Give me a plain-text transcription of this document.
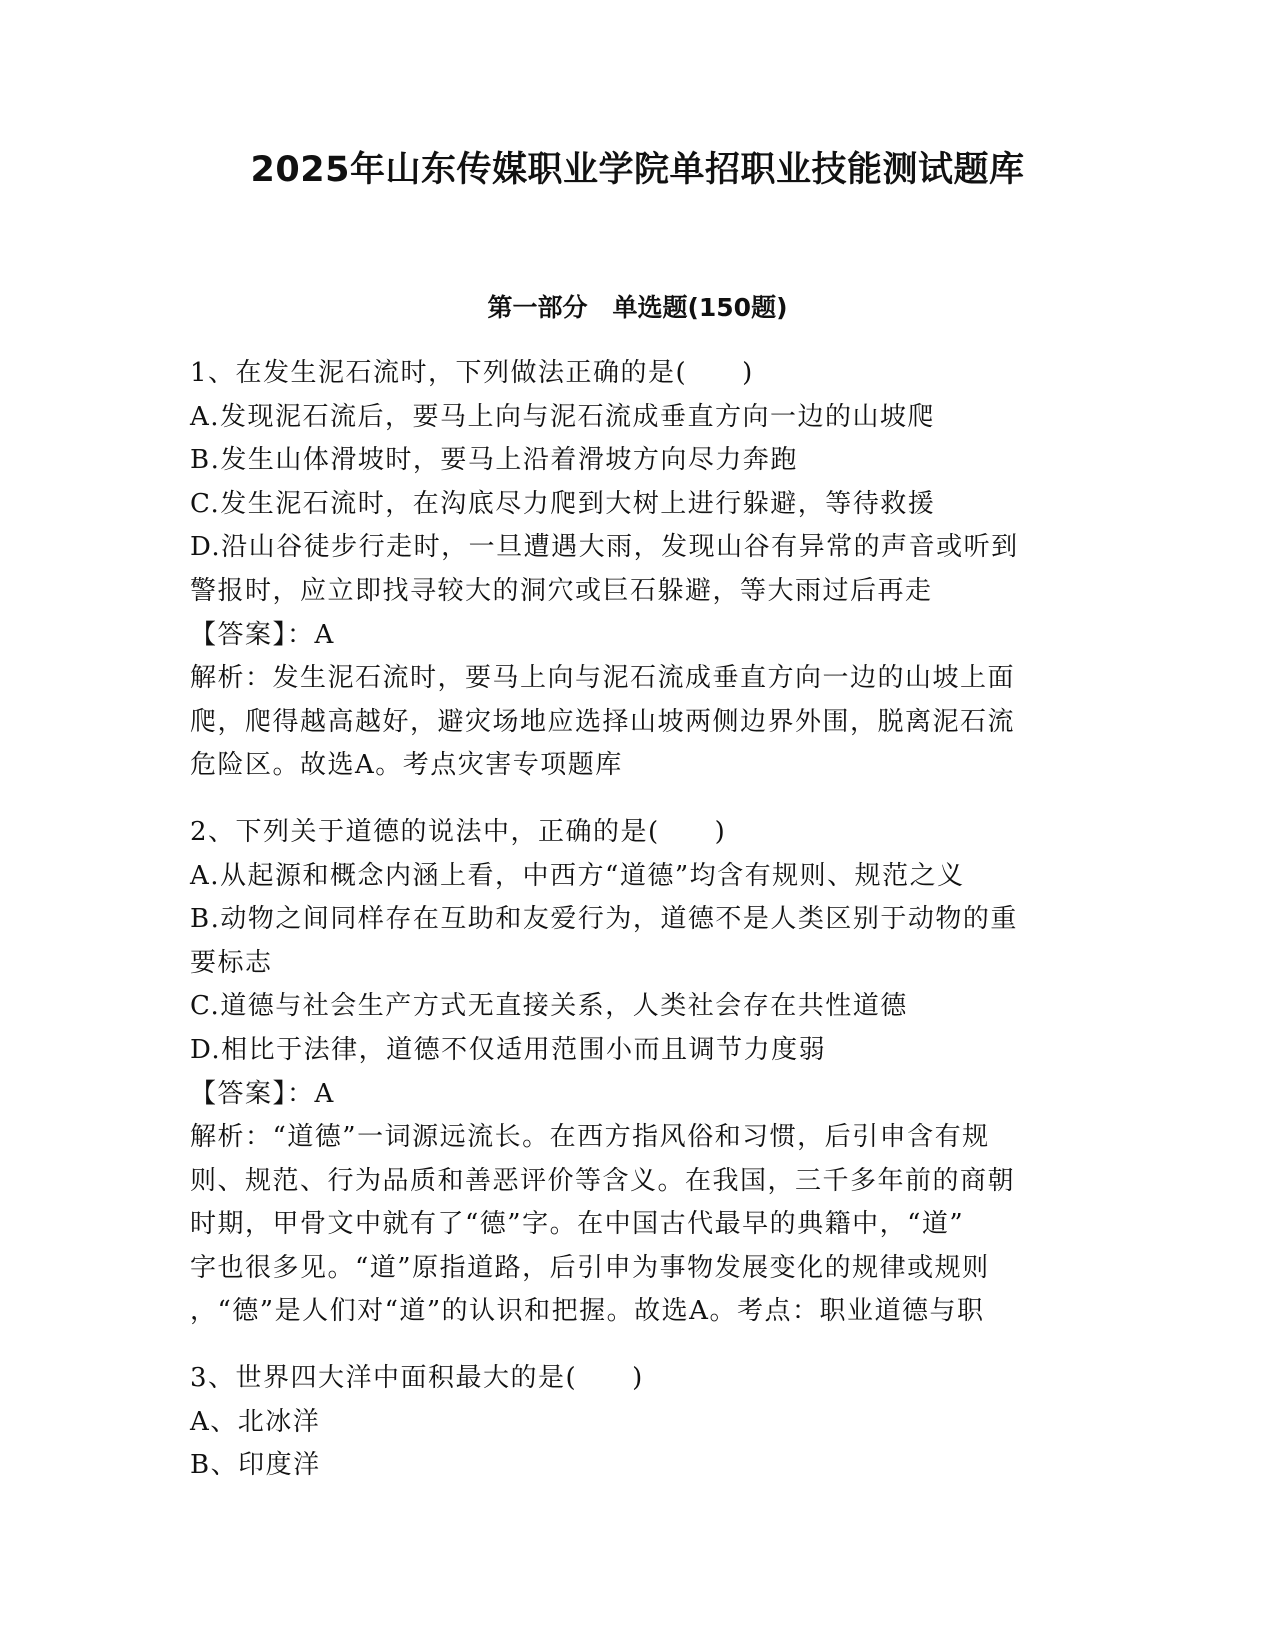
2025年山东传媒职业学院单招职业技能测试题库
第一部分　单选题(150题)
1、在发生泥石流时，下列做法正确的是(　　)
A.发现泥石流后，要马上向与泥石流成垂直方向一边的山坡爬
B.发生山体滑坡时，要马上沿着滑坡方向尽力奔跑
C.发生泥石流时，在沟底尽力爬到大树上进行躲避，等待救援
D.沿山谷徒步行走时，一旦遭遇大雨，发现山谷有异常的声音或听到
警报时，应立即找寻较大的洞穴或巨石躲避，等大雨过后再走
【答案】：A
解析：发生泥石流时，要马上向与泥石流成垂直方向一边的山坡上面
爬，爬得越高越好，避灾场地应选择山坡两侧边界外围，脱离泥石流
危险区。故选A。考点灾害专项题库
2、下列关于道德的说法中，正确的是(　　)
A.从起源和概念内涵上看，中西方“道德”均含有规则、规范之义
B.动物之间同样存在互助和友爱行为，道德不是人类区别于动物的重
要标志
C.道德与社会生产方式无直接关系，人类社会存在共性道德
D.相比于法律，道德不仅适用范围小而且调节力度弱
【答案】：A
解析：“道德”一词源远流长。在西方指风俗和习惯，后引申含有规
则、规范、行为品质和善恶评价等含义。在我国，三千多年前的商朝
时期，甲骨文中就有了“德”字。在中国古代最早的典籍中，“道”
字也很多见。“道”原指道路，后引申为事物发展变化的规律或规则
，“德”是人们对“道”的认识和把握。故选A。考点：职业道德与职
3、世界四大洋中面积最大的是(　　)
A、北冰洋
B、印度洋
